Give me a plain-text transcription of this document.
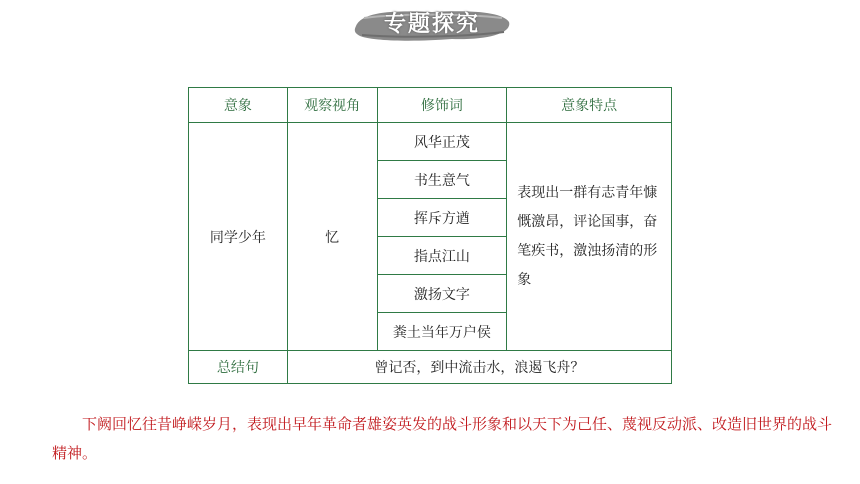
专题探究
意象	观察视角	修饰词	意象特点
同学少年	忆	风华正茂	表现出一群有志青年慷慨激昂，评论国事，奋笔疾书，激浊扬清的形象
		书生意气	
		挥斥方遒	
		指点江山	
		激扬文字	
		粪土当年万户侯	
总结句	曾记否，到中流击水，浪遏飞舟？		
下阙回忆往昔峥嵘岁月，表现出早年革命者雄姿英发的战斗形象和以天下为己任、蔑视反动派、改造旧世界的战斗精神。
